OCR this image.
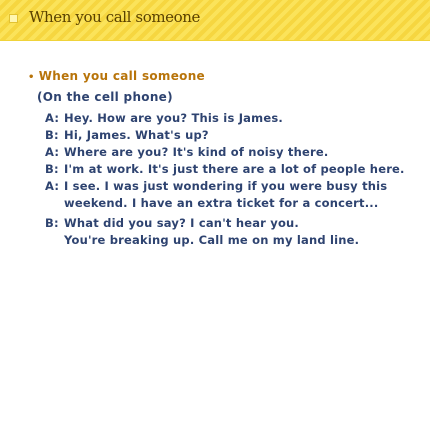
When you call someone
• When you call someone
(On the cell phone)
A: Hey. How are you? This is James.
B: Hi, James. What's up?
A: Where are you? It's kind of noisy there.
B: I'm at work. It's just there are a lot of people here.
A: I see. I was just wondering if you were busy this
weekend. I have an extra ticket for a concert...
B: What did you say? I can't hear you.
You're breaking up. Call me on my land line.
